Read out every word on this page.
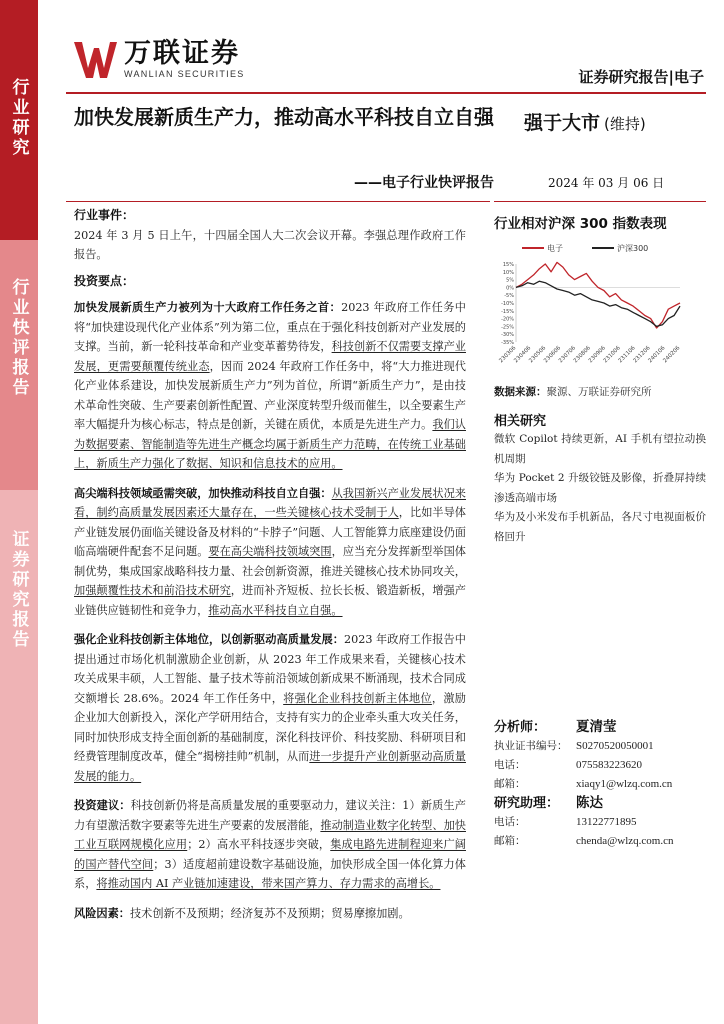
行业研究
行业快评报告
证券研究报告
万联证券
WANLIAN SECURITIES	证券研究报告|电子
加快发展新质生产力，推动高水平科技自立自强
——电子行业快评报告
强于大市 (维持)
2024 年 03 月 06 日
行业事件：
2024 年 3 月 5 日上午，十四届全国人大二次会议开幕。李强总理作政府工作报告。
投资要点：
加快发展新质生产力被列为十大政府工作任务之首：2023 年政府工作任务中将“加快建设现代化产业体系”列为第二位，重点在于强化科技创新对产业发展的支撑。当前，新一轮科技革命和产业变革蓄势待发，科技创新不仅需要支撑产业发展，更需要颠覆传统业态，因而 2024 年政府工作任务中，将“大力推进现代化产业体系建设，加快发展新质生产力”列为首位，所谓“新质生产力”，是由技术革命性突破、生产要素创新性配置、产业深度转型升级而催生，以全要素生产率大幅提升为核心标志，特点是创新，关键在质优，本质是先进生产力。我们认为数据要素、智能制造等先进生产概念均属于新质生产力范畴，在传统工业基础上，新质生产力强化了数据、知识和信息技术的应用。
高尖端科技领域亟需突破，加快推动科技自立自强：从我国新兴产业发展状况来看，制约高质量发展因素还大量存在，一些关键核心技术受制于人，比如半导体产业链发展仍面临关键设备及材料的“卡脖子”问题、人工智能算力底座建设仍面临高端硬件配套不足问题。要在高尖端科技领域突围，应当充分发挥新型举国体制优势，集成国家战略科技力量、社会创新资源，推进关键核心技术协同攻关，加强颠覆性技术和前沿技术研究，进而补齐短板、拉长长板、锻造新板，增强产业链供应链韧性和竞争力，推动高水平科技自立自强。
强化企业科技创新主体地位，以创新驱动高质量发展：2023 年政府工作报告中提出通过市场化机制激励企业创新，从 2023 年工作成果来看，关键核心技术攻关成果丰硕，人工智能、量子技术等前沿领域创新成果不断涌现，技术合同成交额增长 28.6%。2024 年工作任务中，将强化企业科技创新主体地位，激励企业加大创新投入，深化产学研用结合，支持有实力的企业牵头重大攻关任务，同时加快形成支持全面创新的基础制度，深化科技评价、科技奖励、科研项目和经费管理制度改革，健全“揭榜挂帅”机制，从而进一步提升产业创新驱动高质量发展的能力。
投资建议：科技创新仍将是高质量发展的重要驱动力，建议关注：1）新质生产力有望激活数字要素等先进生产要素的发展潜能，推动制造业数字化转型、加快工业互联网规模化应用；2）高水平科技逐步突破，集成电路先进制程迎来广阔的国产替代空间；3）适度超前建设数字基础设施，加快形成全国一体化算力体系，将推动国内 AI 产业链加速建设，带来国产算力、存力需求的高增长。
风险因素：技术创新不及预期；经济复苏不及预期；贸易摩擦加剧。
行业相对沪深 300 指数表现
电子	沪深300
15%
10%
5%
0%
-5%
-10%
-15%
-20%
-25%
-30%
-35%
230306
230406
230506
230606
230706
230806
230906
231006
231106
231206
240106
240206
数据来源：聚源、万联证券研究所
相关研究
微软 Copilot 持续更新，AI 手机有望拉动换机周期
华为 Pocket 2 升级铰链及影像，折叠屏持续渗透高端市场
华为及小米发布手机新品，各尺寸电视面板价格回升
分析师：	夏清莹
执业证书编号： S0270520050001
电话：	075583223620
邮箱：	xiaqy1@wlzq.com.cn
研究助理：	陈达
电话：	13122771895
邮箱：	chenda@wlzq.com.cn
